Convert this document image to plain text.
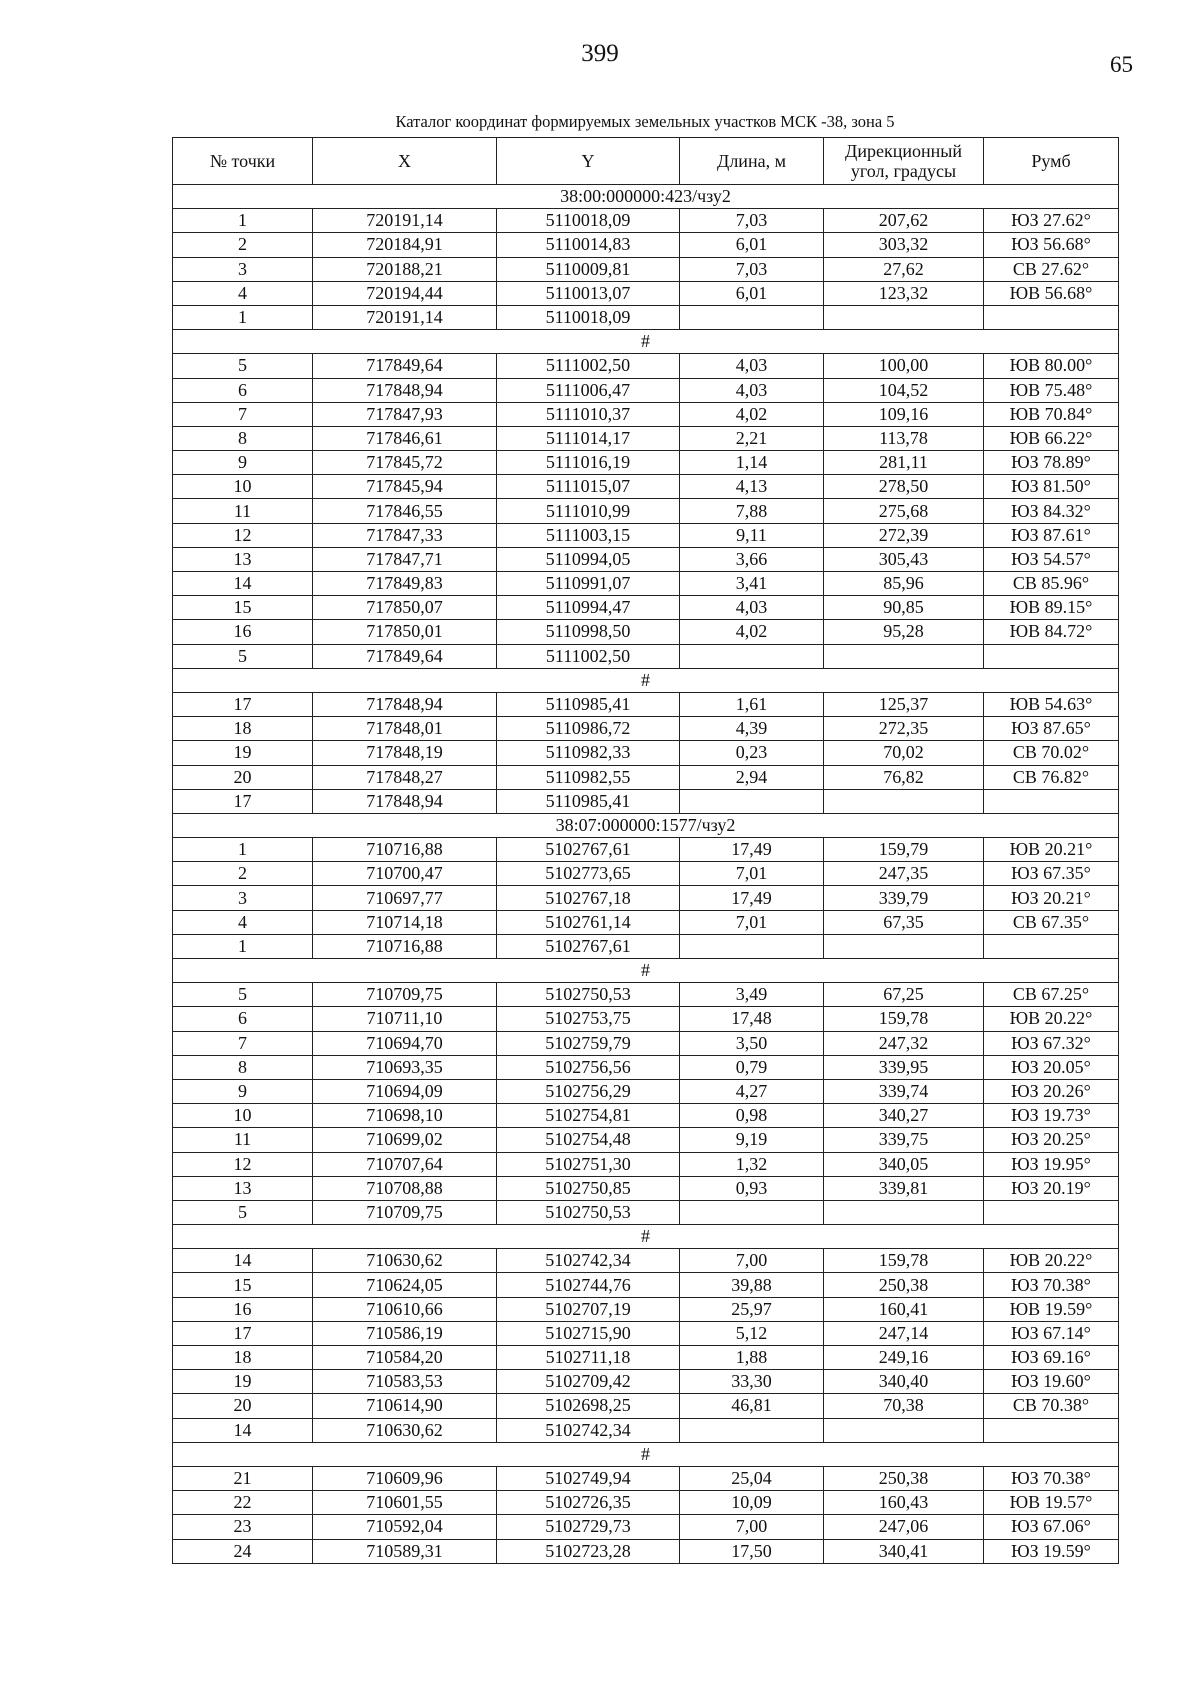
399	65
Каталог координат формируемых земельных участков МСК -38, зона 5
№ точки	X	Y	Длина, м	Дирекционный угол, градусы	Румб
38:00:000000:423/чзу2					
1	720191,14	5110018,09	7,03	207,62	ЮЗ 27.62°
2	720184,91	5110014,83	6,01	303,32	ЮЗ 56.68°
3	720188,21	5110009,81	7,03	27,62	СВ 27.62°
4	720194,44	5110013,07	6,01	123,32	ЮВ 56.68°
1	720191,14	5110018,09			
#					
5	717849,64	5111002,50	4,03	100,00	ЮВ 80.00°
6	717848,94	5111006,47	4,03	104,52	ЮВ 75.48°
7	717847,93	5111010,37	4,02	109,16	ЮВ 70.84°
8	717846,61	5111014,17	2,21	113,78	ЮВ 66.22°
9	717845,72	5111016,19	1,14	281,11	ЮЗ 78.89°
10	717845,94	5111015,07	4,13	278,50	ЮЗ 81.50°
11	717846,55	5111010,99	7,88	275,68	ЮЗ 84.32°
12	717847,33	5111003,15	9,11	272,39	ЮЗ 87.61°
13	717847,71	5110994,05	3,66	305,43	ЮЗ 54.57°
14	717849,83	5110991,07	3,41	85,96	СВ 85.96°
15	717850,07	5110994,47	4,03	90,85	ЮВ 89.15°
16	717850,01	5110998,50	4,02	95,28	ЮВ 84.72°
5	717849,64	5111002,50			
#					
17	717848,94	5110985,41	1,61	125,37	ЮВ 54.63°
18	717848,01	5110986,72	4,39	272,35	ЮЗ 87.65°
19	717848,19	5110982,33	0,23	70,02	СВ 70.02°
20	717848,27	5110982,55	2,94	76,82	СВ 76.82°
17	717848,94	5110985,41			
38:07:000000:1577/чзу2					
1	710716,88	5102767,61	17,49	159,79	ЮВ 20.21°
2	710700,47	5102773,65	7,01	247,35	ЮЗ 67.35°
3	710697,77	5102767,18	17,49	339,79	ЮЗ 20.21°
4	710714,18	5102761,14	7,01	67,35	СВ 67.35°
1	710716,88	5102767,61			
#					
5	710709,75	5102750,53	3,49	67,25	СВ 67.25°
6	710711,10	5102753,75	17,48	159,78	ЮВ 20.22°
7	710694,70	5102759,79	3,50	247,32	ЮЗ 67.32°
8	710693,35	5102756,56	0,79	339,95	ЮЗ 20.05°
9	710694,09	5102756,29	4,27	339,74	ЮЗ 20.26°
10	710698,10	5102754,81	0,98	340,27	ЮЗ 19.73°
11	710699,02	5102754,48	9,19	339,75	ЮЗ 20.25°
12	710707,64	5102751,30	1,32	340,05	ЮЗ 19.95°
13	710708,88	5102750,85	0,93	339,81	ЮЗ 20.19°
5	710709,75	5102750,53			
#					
14	710630,62	5102742,34	7,00	159,78	ЮВ 20.22°
15	710624,05	5102744,76	39,88	250,38	ЮЗ 70.38°
16	710610,66	5102707,19	25,97	160,41	ЮВ 19.59°
17	710586,19	5102715,90	5,12	247,14	ЮЗ 67.14°
18	710584,20	5102711,18	1,88	249,16	ЮЗ 69.16°
19	710583,53	5102709,42	33,30	340,40	ЮЗ 19.60°
20	710614,90	5102698,25	46,81	70,38	СВ 70.38°
14	710630,62	5102742,34			
#					
21	710609,96	5102749,94	25,04	250,38	ЮЗ 70.38°
22	710601,55	5102726,35	10,09	160,43	ЮВ 19.57°
23	710592,04	5102729,73	7,00	247,06	ЮЗ 67.06°
24	710589,31	5102723,28	17,50	340,41	ЮЗ 19.59°
